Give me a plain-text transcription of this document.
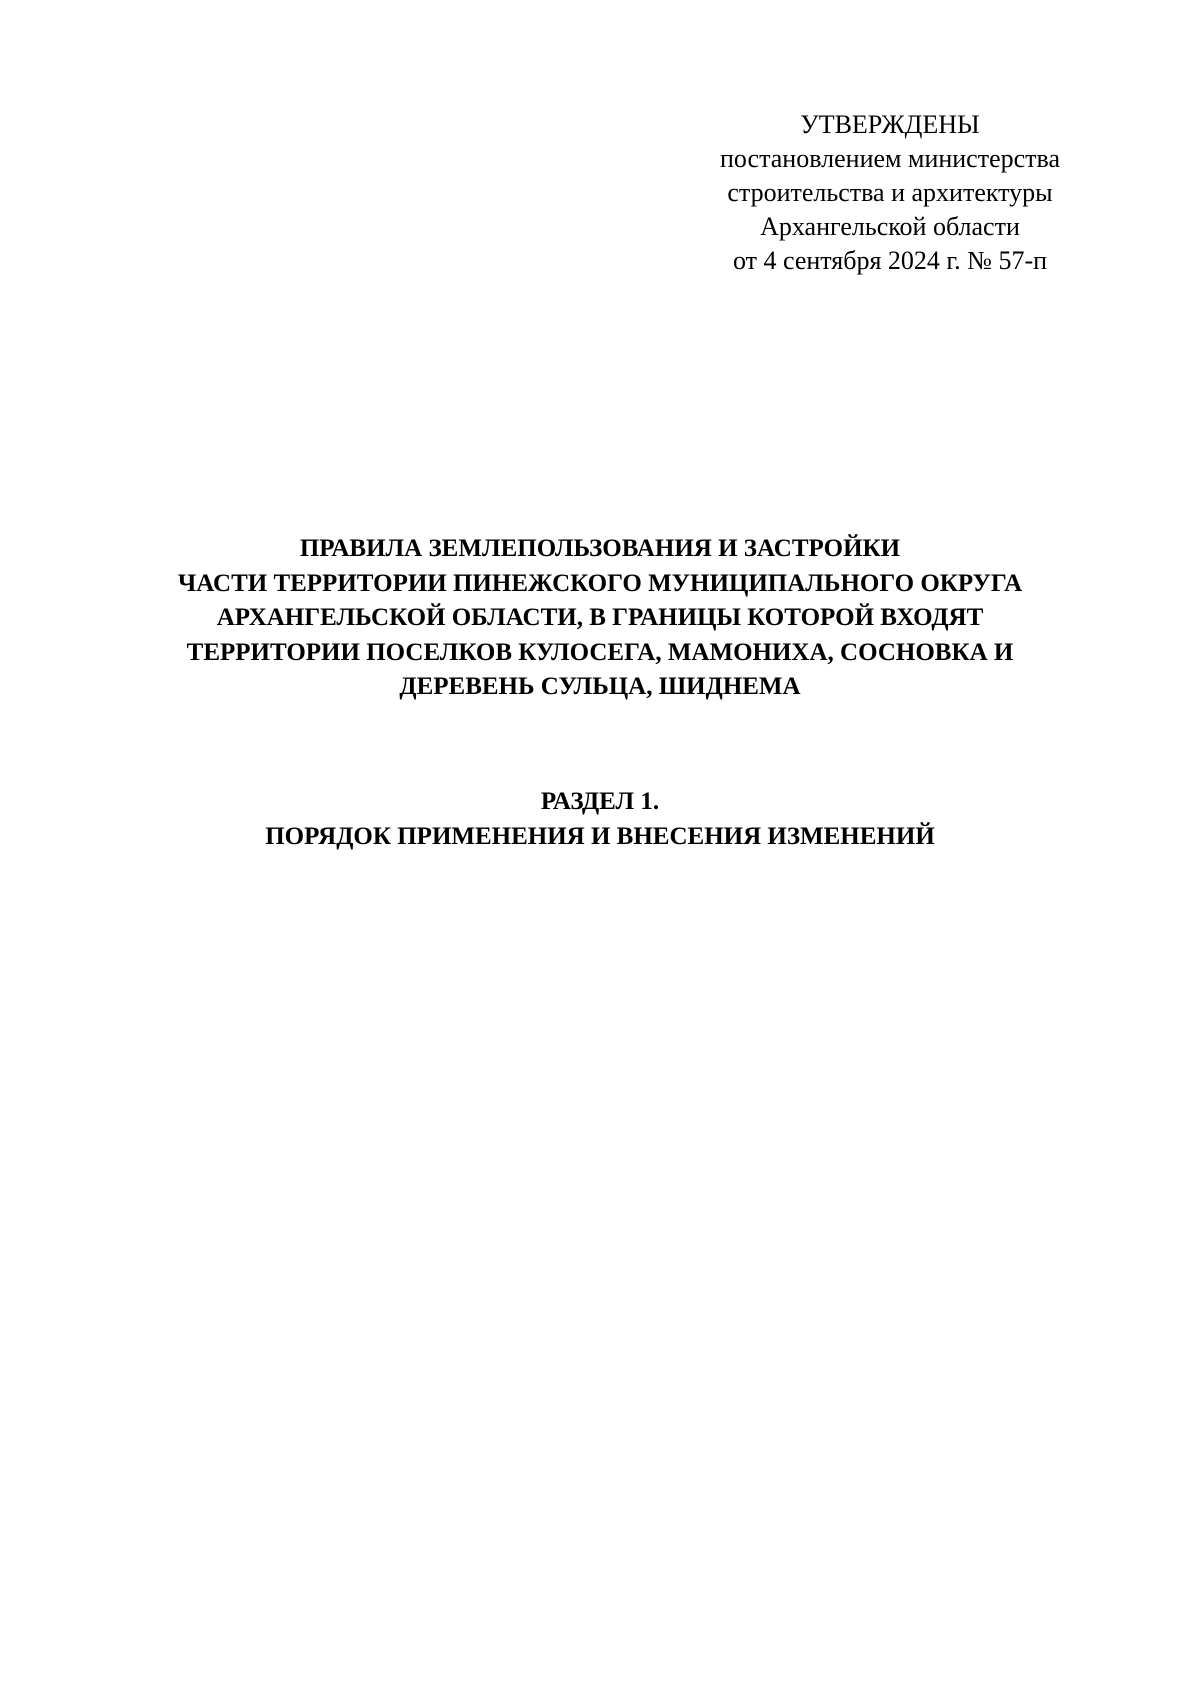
УТВЕРЖДЕНЫ
постановлением министерства
строительства и архитектуры
Архангельской области
от 4 сентября 2024 г. № 57-п
ПРАВИЛА ЗЕМЛЕПОЛЬЗОВАНИЯ И ЗАСТРОЙКИ
ЧАСТИ ТЕРРИТОРИИ ПИНЕЖСКОГО МУНИЦИПАЛЬНОГО ОКРУГА
АРХАНГЕЛЬСКОЙ ОБЛАСТИ, В ГРАНИЦЫ КОТОРОЙ ВХОДЯТ
ТЕРРИТОРИИ ПОСЕЛКОВ КУЛОСЕГА, МАМОНИХА, СОСНОВКА И
ДЕРЕВЕНЬ СУЛЬЦА, ШИДНЕМА
РАЗДЕЛ 1.
ПОРЯДОК ПРИМЕНЕНИЯ И ВНЕСЕНИЯ ИЗМЕНЕНИЙ
